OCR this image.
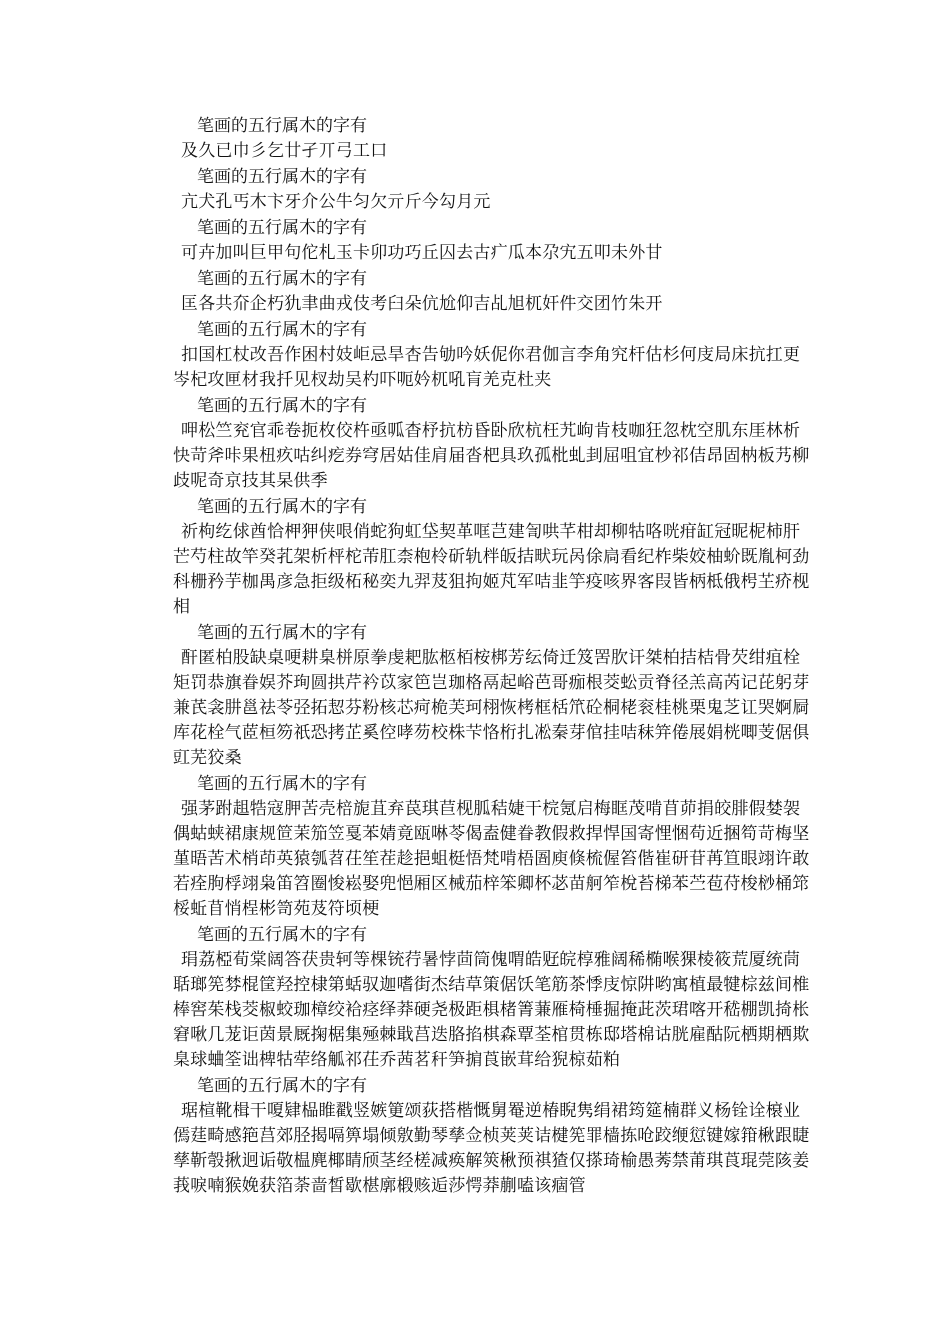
笔画的五行属木的字有
及久已巾彡乞廿孑丌弓工口
笔画的五行属木的字有
亢犬孔丐木卞牙介公牛匀欠亓斤今勾月元
笔画的五行属木的字有
可卉加叫巨甲句佗札玉卡卯功巧丘囚去古疒瓜本尕宄五叩未外甘
笔画的五行属木的字有
匡各共夼企朽犰聿曲戎伎考臼朵伉尬仰吉乩旭杌奸件交团竹朱开
笔画的五行属木的字有
扣国杠杖改吾作困村妓岠忌旱杏告劬吟妖伲你君伽言李角究杆估杉何庋局床抗扛更岑杞攻匣材我扦见杈劫吴杓吓呃妗杌吼肓羌克杜夹
笔画的五行属木的字有
呷松竺兖官乖卷扼枚佼杵亟呱杳杼抗枋昏卧欣杭枉艽岣肯枝咖狂忽枕空肌东厓林析快苛斧咔果杻疚咕纠疙券穹居姑佳肩届沓杷具玖孤枇虬刲屈咀宜杪祁佶昂固枘板艿柳歧呢奇京技其杲供季
笔画的五行属木的字有
祈枸纥俅酋恰柙狎侠哏俏蛇狗虹垈契革哐芑建訇哄芊柑却柳牯咯咣疳缸冠昵柅柿肝芒芍柱故竿癸芤架析枰柁芾肛柰枹柃斫轨柈皈拮畎玩呙俆扃看纪柞柴姣柚蚧既胤柯劲科栅矜芋枷禺彦急拒级柘秘奕九羿芨狙拘姬芃军咭韭竽疫咳界客叚皆柄柢俄枵芏疥枧相
笔画的五行属木的字有
酐匿柏股缺桌哽耕臬栟原拳虔耙肱柩栢桉梆芳纭倚迁笈罟肷讦桀柏拮桔骨芡绀疽栓矩罚恭旗眷娱芥珣圆拱芹衿苡家笆岂珈格鬲起峪芭哥痂根茭蚣贡脊径羔高芮记芘躬芽兼芪衾肼邕祛苓弪拓恝芬粉核芯疴桅芙珂栩恢栲框栝笊砼桐栳衮桂桃栗鬼芝讧哭婀屙库花栓气茝桓笏祇恐拷芷奚倥哮芴校株芐恪桁扎凇秦芽倌挂咭秣笄倦展娟桄唧芰倨俱豇芜狡桑
笔画的五行属木的字有
强茅跗趄牿寇胛苦壳棓旎苴弃苠琪苣枧胍秸婕干梡氪启梅眶茂啃苜茆捐皎腓假婪袈偶蛄蛱裙康规笸茉笳笠戛苯婧竟瓯啉苓偈盍健眷教假救捍悍国寄悝悃苟近捆笱苛梅坚堇晤苦术梢茚英猿瓠苕茌笙茬趁挹蛆梃悟梵啃梧圄庾倏梳偓笞偕崔研苷苒笪眼翊许敢若痊朐桴翊枭笛笤圈悛崧娶兜悒厢区械茄梓笨卿杯苾苗舸笮梲苔梯苯苎苞苻梭桫桶筇桵蚯苜悄桯彬笥苑芨符顷梗
笔画的五行属木的字有
琄荔椏荀棠阔答茯贵轲等棵铳荇暑悖茴筒傀喟皓觃皖椁雅阔稀椭喉猓棱筱荒厦统茼聒瑯筅棼棍筐羟控棣第蛞驭迦嗜街杰结草策倨饫笔筋茶悸庋惊阱哟寓植最犍棕兹间椎棒窖茱栈茭椒蛟珈樟绞袷痉绎莽硬尧极距椇楮箐蒹雁椅棰掘掩茈茨珺喀开嵇棚凯掎枨窘啾几茏讵茵景厩掬椐集殛棘戢莒迭胳掐棋森覃荃棺贯栋邸塔棉诂胱雇酤阮栖期栖欺臬球蛐筌诎椑牯荦络觚祁茌乔茜茗秆笋掮莨嵌茸给猊椋茹粕
笔画的五行属木的字有
琚楦靴楫干嗄肄榀睢戳竖嫉筻颂荻搭楷慨舅罨逆椿睨隽绢裙筠筵楠群义杨铨诠榱业傿莛畸感筢莒郊胫揭嗝箅塌倾敫勤琴孳佥桢荚荚诘楗筅罪樯拣呛跤缏愆键嫁箝楸跟睫孳靳彀揪迥诟敬榅麂椰睛颀茎经槎减痪解筴楸预祺猹仅搽琦榆愚莠禁莆琪莨琨莞陔姜莪唳喃猴娩获箔荼啬皙歇椹廓椴赅逅莎愕莽蒯嗑该痼管
